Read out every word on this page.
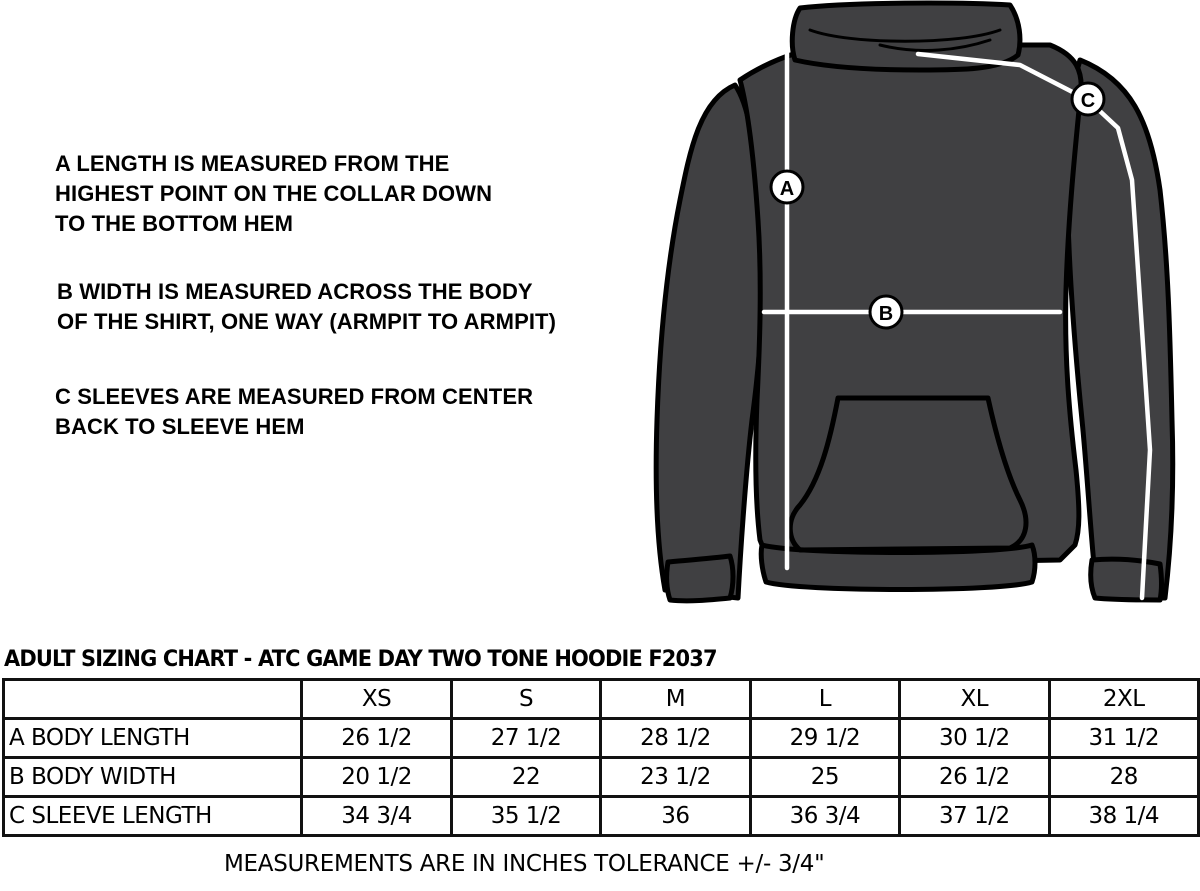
A LENGTH IS MEASURED FROM THE
HIGHEST POINT ON THE COLLAR DOWN
TO THE BOTTOM HEM
B WIDTH IS MEASURED ACROSS THE BODY
OF THE SHIRT, ONE WAY (ARMPIT TO ARMPIT)
C SLEEVES ARE MEASURED FROM CENTER
BACK TO SLEEVE HEM
A
B
C
ADULT SIZING CHART - ATC GAME DAY TWO TONE HOODIE F2037
	XS	S	M	L	XL	2XL
A BODY LENGTH	26 1/2	27 1/2	28 1/2	29 1/2	30 1/2	31 1/2
B BODY WIDTH	20 1/2	22	23 1/2	25	26 1/2	28
C SLEEVE LENGTH	34 3/4	35 1/2	36	36 3/4	37 1/2	38 1/4
MEASUREMENTS ARE IN INCHES TOLERANCE +/- 3/4"
